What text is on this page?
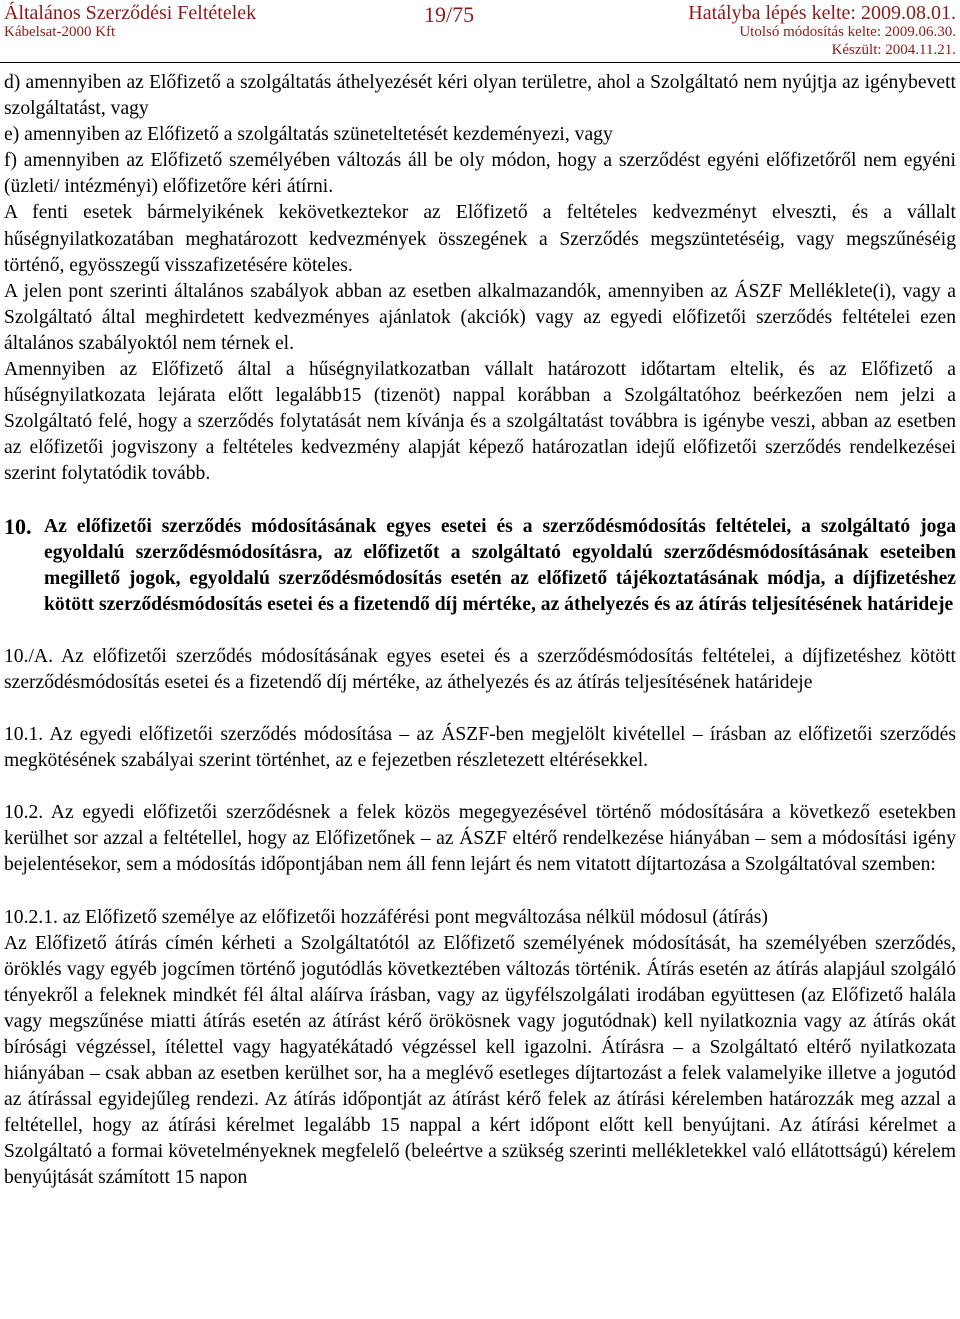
Általános Szerződési Feltételek
Kábelsat-2000 Kft
19/75	Hatályba lépés kelte: 2009.08.01.
Utolsó módosítás kelte: 2009.06.30.
Készült: 2004.11.21.

d) amennyiben az Előfizető a szolgáltatás áthelyezését kéri olyan területre, ahol a Szolgáltató nem nyújtja az igénybevett szolgáltatást, vagy

e) amennyiben az Előfizető a szolgáltatás szüneteltetését kezdeményezi, vagy

f) amennyiben az Előfizető személyében változás áll be oly módon, hogy a szerződést egyéni előfizetőről nem egyéni (üzleti/ intézményi) előfizetőre kéri átírni.

A fenti esetek bármelyikének kekövetkeztekor az Előfizető a feltételes kedvezményt elveszti, és a vállalt hűségnyilatkozatában meghatározott kedvezmények összegének a Szerződés megszüntetéséig, vagy megszűnéséig történő, egyösszegű visszafizetésére köteles.

A jelen pont szerinti általános szabályok abban az esetben alkalmazandók, amennyiben az ÁSZF Melléklete(i), vagy a Szolgáltató által meghirdetett kedvezményes ajánlatok (akciók) vagy az egyedi előfizetői szerződés feltételei ezen általános szabályoktól nem térnek el.

Amennyiben az Előfizető által a hűségnyilatkozatban vállalt határozott időtartam eltelik, és az Előfizető a hűségnyilatkozata lejárata előtt legalább15 (tizenöt) nappal korábban a Szolgáltatóhoz beérkezően nem jelzi a Szolgáltató felé, hogy a szerződés folytatását nem kívánja és a szolgáltatást továbbra is igénybe veszi, abban az esetben az előfizetői jogviszony a feltételes kedvezmény alapját képező határozatlan idejű előfizetői szerződés rendelkezései szerint folytatódik tovább.

10. Az előfizetői szerződés módosításának egyes esetei és a szerződésmódosítás feltételei, a szolgáltató joga egyoldalú szerződésmódosításra, az előfizetőt a szolgáltató egyoldalú szerződésmódosításának eseteiben megillető jogok, egyoldalú szerződésmódosítás esetén az előfizető tájékoztatásának módja, a díjfizetéshez kötött szerződésmódosítás esetei és a fizetendő díj mértéke, az áthelyezés és az átírás teljesítésének határideje

10./A. Az előfizetői szerződés módosításának egyes esetei és a szerződésmódosítás feltételei, a díjfizetéshez kötött szerződésmódosítás esetei és a fizetendő díj mértéke, az áthelyezés és az átírás teljesítésének határideje

10.1. Az egyedi előfizetői szerződés módosítása – az ÁSZF-ben megjelölt kivétellel – írásban az előfizetői szerződés megkötésének szabályai szerint történhet, az e fejezetben részletezett eltérésekkel.

10.2. Az egyedi előfizetői szerződésnek a felek közös megegyezésével történő módosítására a következő esetekben kerülhet sor azzal a feltétellel, hogy az Előfizetőnek – az ÁSZF eltérő rendelkezése hiányában – sem a módosítási igény bejelentésekor, sem a módosítás időpontjában nem áll fenn lejárt és nem vitatott díjtartozása a Szolgáltatóval szemben:

10.2.1. az Előfizető személye az előfizetői hozzáférési pont megváltozása nélkül módosul (átírás)

Az Előfizető átírás címén kérheti a Szolgáltatótól az Előfizető személyének módosítását, ha személyében szerződés, öröklés vagy egyéb jogcímen történő jogutódlás következtében változás történik. Átírás esetén az átírás alapjául szolgáló tényekről a feleknek mindkét fél által aláírva írásban, vagy az ügyfélszolgálati irodában együttesen (az Előfizető halála vagy megszűnése miatti átírás esetén az átírást kérő örökösnek vagy jogutódnak) kell nyilatkoznia vagy az átírás okát bírósági végzéssel, ítélettel vagy hagyatékátadó végzéssel kell igazolni. Átírásra – a Szolgáltató eltérő nyilatkozata hiányában – csak abban az esetben kerülhet sor, ha a meglévő esetleges díjtartozást a felek valamelyike illetve a jogutód az átírással egyidejűleg rendezi. Az átírás időpontját az átírást kérő felek az átírási kérelemben határozzák meg azzal a feltétellel, hogy az átírási kérelmet legalább 15 nappal a kért időpont előtt kell benyújtani. Az átírási kérelmet a Szolgáltató a formai követelményeknek megfelelő (beleértve a szükség szerinti mellékletekkel való ellátottságú) kérelem benyújtását számított 15 napon
